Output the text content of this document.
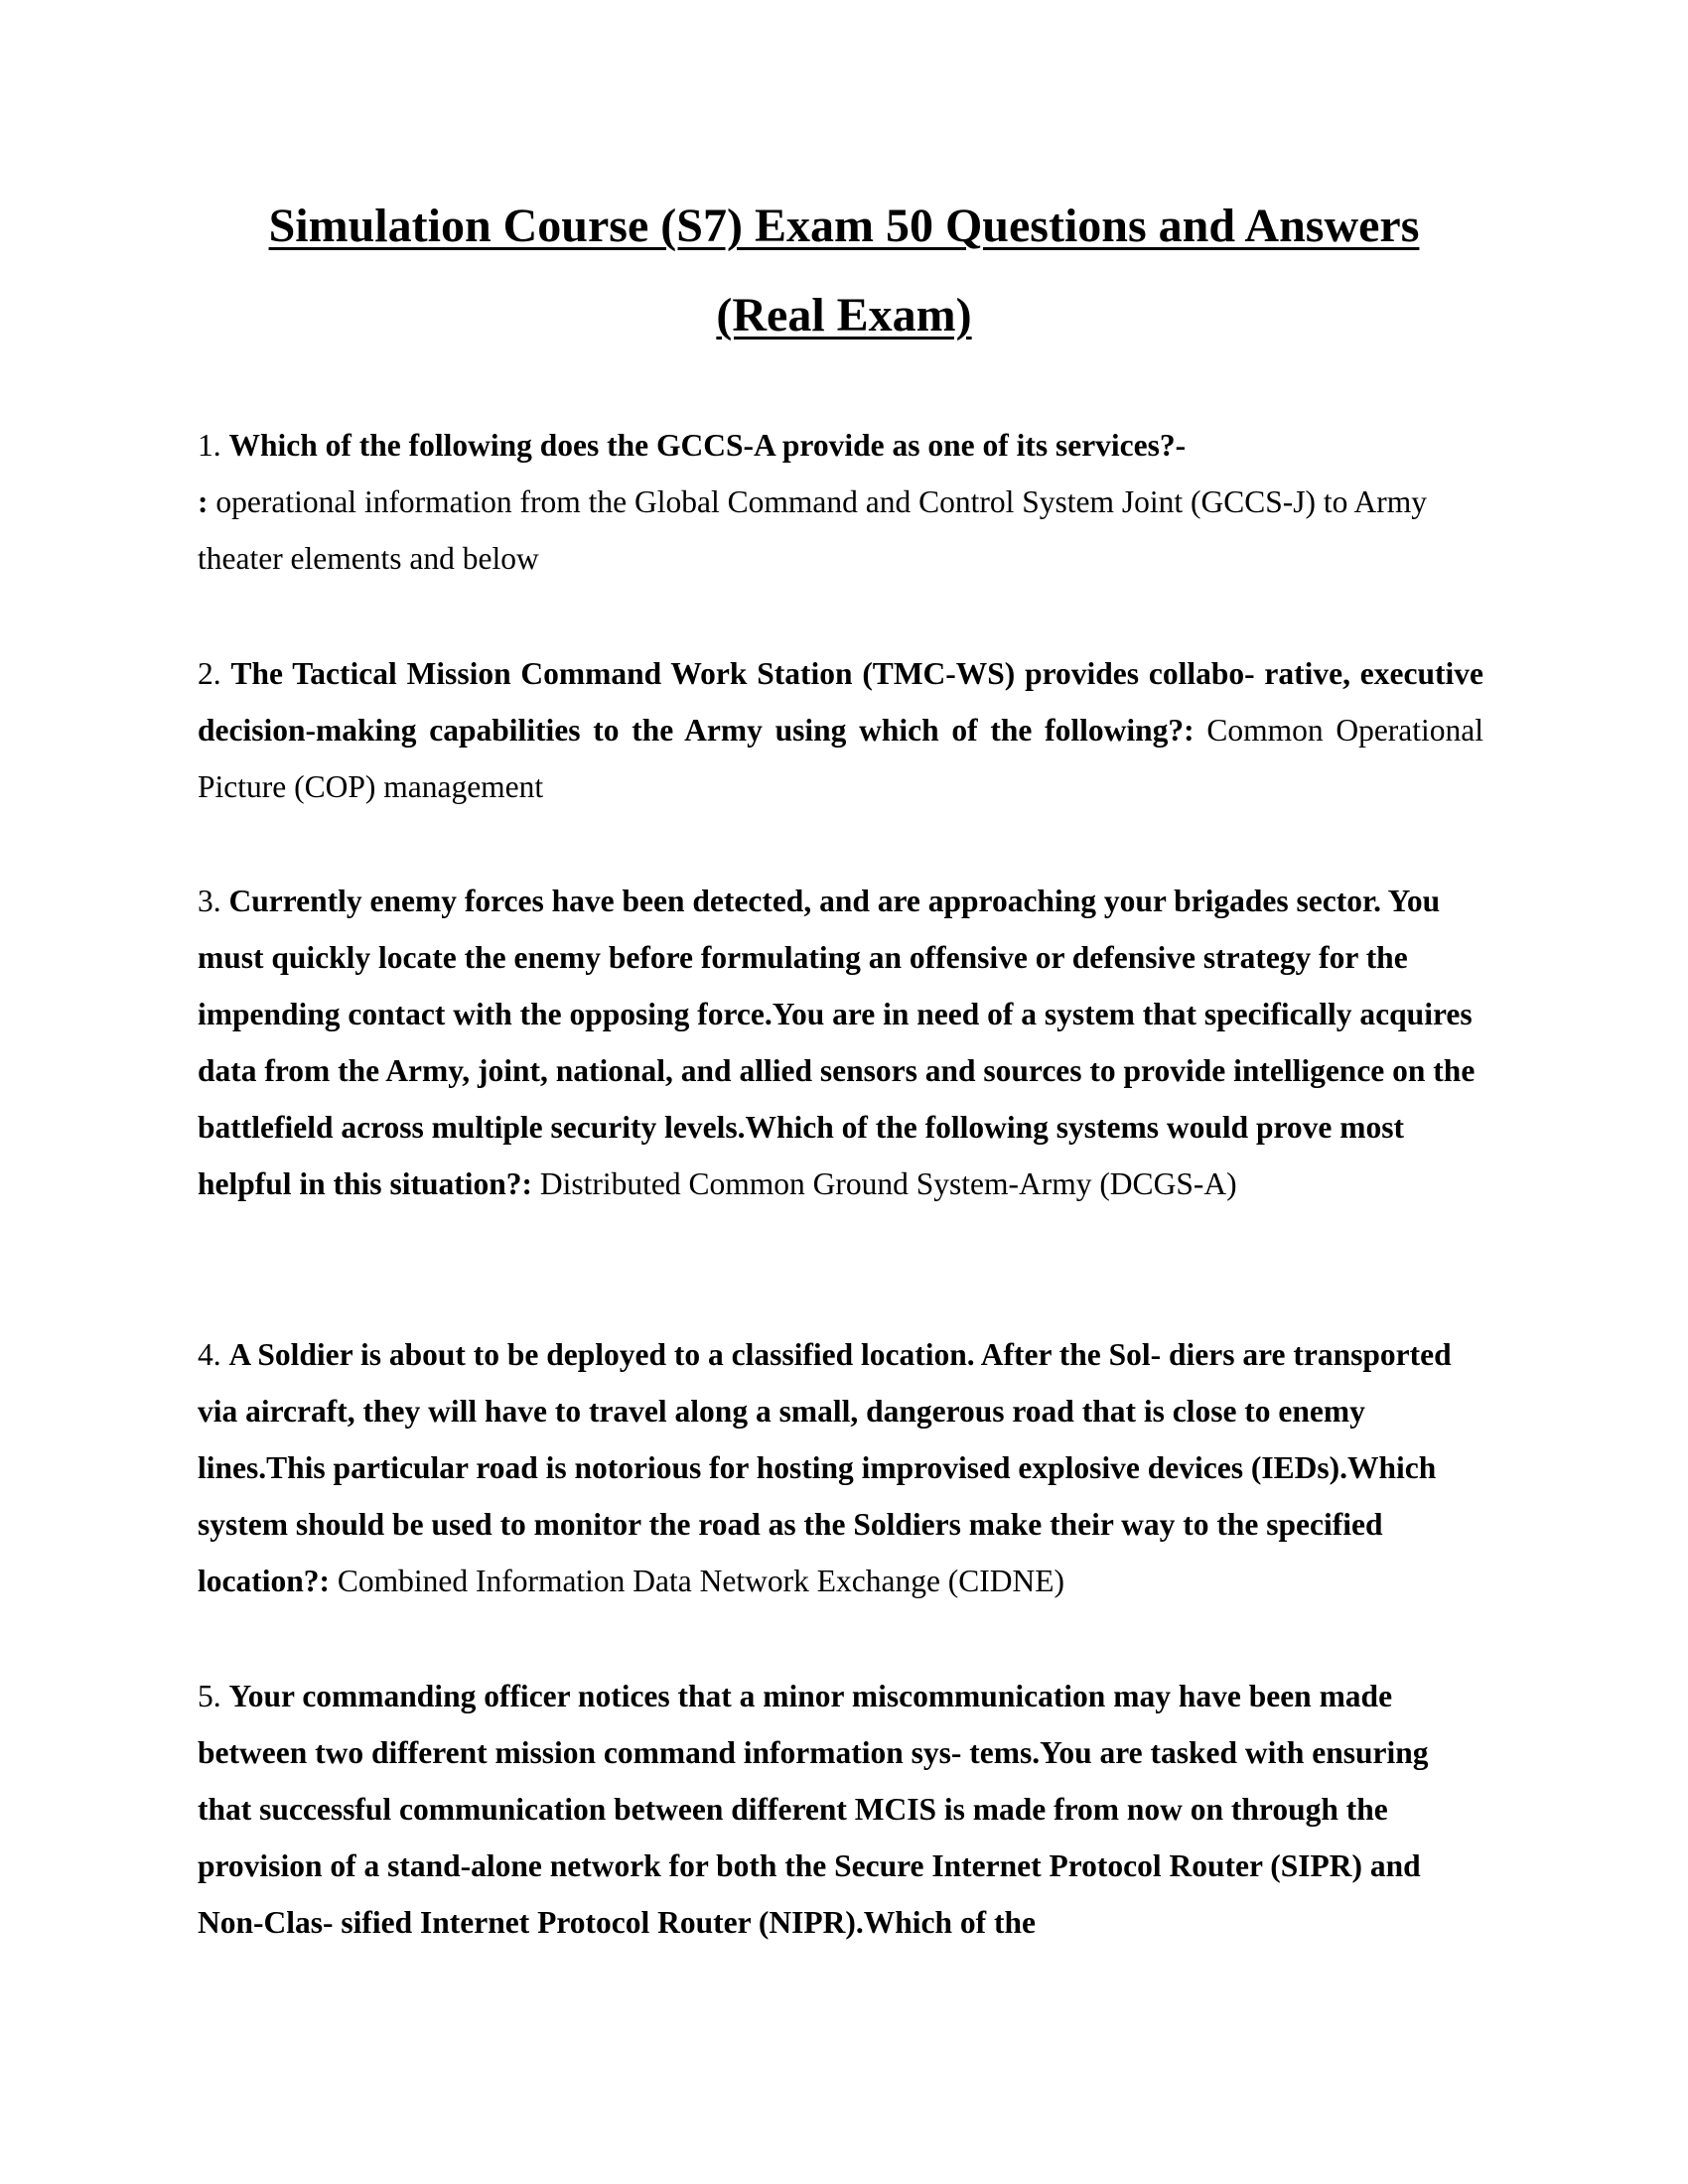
Simulation Course (S7) Exam 50 Questions and Answers
(Real Exam)
1. Which of the following does the GCCS-A provide as one of its services?-
: operational information from the Global Command and Control System Joint (GCCS-J) to Army theater elements and below
2. The Tactical Mission Command Work Station (TMC-WS) provides collabo- rative, executive decision-making capabilities to the Army using which of the following?: Common Operational Picture (COP) management
3. Currently enemy forces have been detected, and are approaching your brigades sector. You must quickly locate the enemy before formulating an offensive or defensive strategy for the impending contact with the opposing force.You are in need of a system that specifically acquires data from the Army, joint, national, and allied sensors and sources to provide intelligence on the battlefield across multiple security levels.Which of the following systems would prove most helpful in this situation?: Distributed Common Ground System-Army (DCGS-A)
4. A Soldier is about to be deployed to a classified location. After the Sol- diers are transported via aircraft, they will have to travel along a small, dangerous road that is close to enemy lines.This particular road is notorious for hosting improvised explosive devices (IEDs).Which system should be used to monitor the road as the Soldiers make their way to the specified location?: Combined Information Data Network Exchange (CIDNE)
5. Your commanding officer notices that a minor miscommunication may have been made between two different mission command information sys- tems.You are tasked with ensuring that successful communication between different MCIS is made from now on through the provision of a stand-alone network for both the Secure Internet Protocol Router (SIPR) and Non-Clas- sified Internet Protocol Router (NIPR).Which of the
